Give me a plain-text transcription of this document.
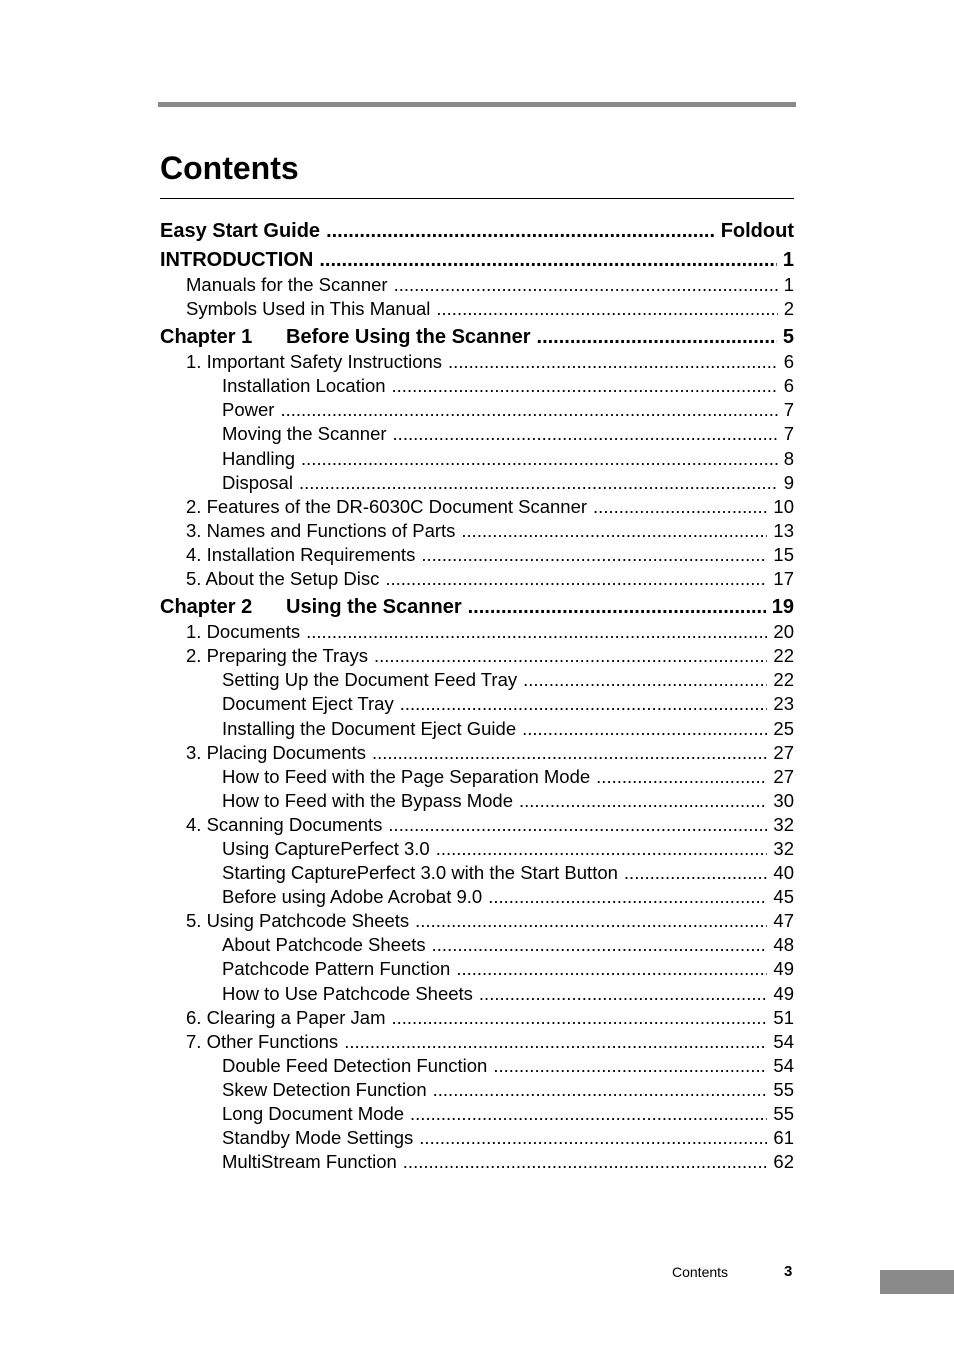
Contents
Easy Start Guide .....	Foldout
INTRODUCTION .....	1
Manuals for the Scanner .....	1
Symbols Used in This Manual .....	2
Chapter 1 Before Using the Scanner .....	5
1. Important Safety Instructions .....	6
Installation Location .....	6
Power .....	7
Moving the Scanner .....	7
Handling .....	8
Disposal .....	9
2. Features of the DR-6030C Document Scanner .....	10
3. Names and Functions of Parts .....	13
4. Installation Requirements .....	15
5. About the Setup Disc .....	17
Chapter 2 Using the Scanner .....	19
1. Documents .....	20
2. Preparing the Trays .....	22
Setting Up the Document Feed Tray .....	22
Document Eject Tray .....	23
Installing the Document Eject Guide .....	25
3. Placing Documents .....	27
How to Feed with the Page Separation Mode .....	27
How to Feed with the Bypass Mode .....	30
4. Scanning Documents .....	32
Using CapturePerfect 3.0 .....	32
Starting CapturePerfect 3.0 with the Start Button .....	40
Before using Adobe Acrobat 9.0 .....	45
5. Using Patchcode Sheets .....	47
About Patchcode Sheets .....	48
Patchcode Pattern Function .....	49
How to Use Patchcode Sheets .....	49
6. Clearing a Paper Jam .....	51
7. Other Functions .....	54
Double Feed Detection Function .....	54
Skew Detection Function .....	55
Long Document Mode .....	55
Standby Mode Settings .....	61
MultiStream Function .....	62
Contents	3
